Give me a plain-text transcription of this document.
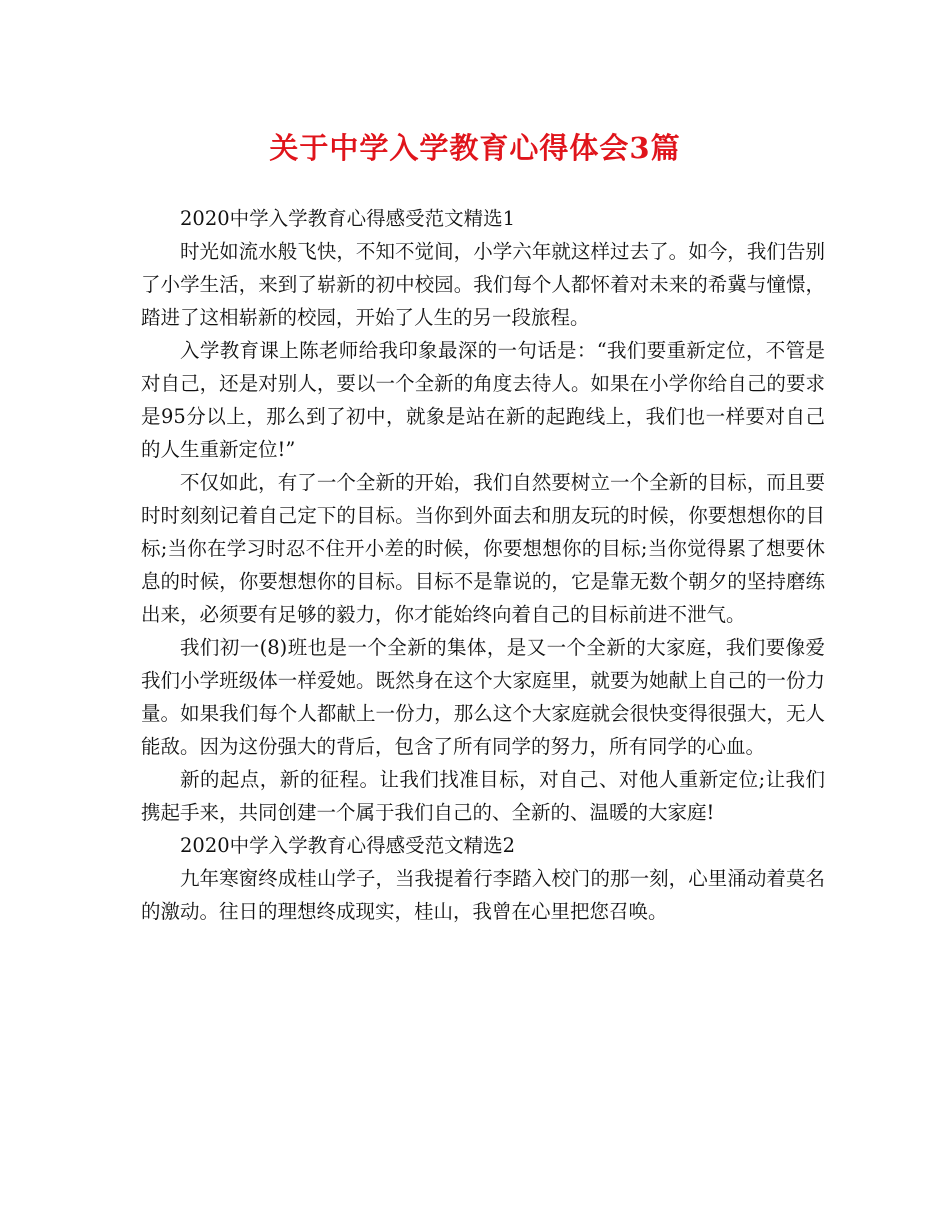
关于中学入学教育心得体会3篇

2020中学入学教育心得感受范文精选1

时光如流水般飞快，不知不觉间，小学六年就这样过去了。如今，我们告别了小学生活，来到了崭新的初中校园。我们每个人都怀着对未来的希冀与憧憬，踏进了这相崭新的校园，开始了人生的另一段旅程。

入学教育课上陈老师给我印象最深的一句话是：“我们要重新定位，不管是对自己，还是对别人，要以一个全新的角度去待人。如果在小学你给自己的要求是95分以上，那么到了初中，就象是站在新的起跑线上，我们也一样要对自己的人生重新定位!”

不仅如此，有了一个全新的开始，我们自然要树立一个全新的目标，而且要时时刻刻记着自己定下的目标。当你到外面去和朋友玩的时候，你要想想你的目标;当你在学习时忍不住开小差的时候，你要想想你的目标;当你觉得累了想要休息的时候，你要想想你的目标。目标不是靠说的，它是靠无数个朝夕的坚持磨练出来，必须要有足够的毅力，你才能始终向着自己的目标前进不泄气。

我们初一(8)班也是一个全新的集体，是又一个全新的大家庭，我们要像爱我们小学班级体一样爱她。既然身在这个大家庭里，就要为她献上自己的一份力量。如果我们每个人都献上一份力，那么这个大家庭就会很快变得很强大，无人能敌。因为这份强大的背后，包含了所有同学的努力，所有同学的心血。

新的起点，新的征程。让我们找准目标，对自己、对他人重新定位;让我们携起手来，共同创建一个属于我们自己的、全新的、温暖的大家庭!

2020中学入学教育心得感受范文精选2

九年寒窗终成桂山学子，当我提着行李踏入校门的那一刻，心里涌动着莫名的激动。往日的理想终成现实，桂山，我曾在心里把您召唤。
